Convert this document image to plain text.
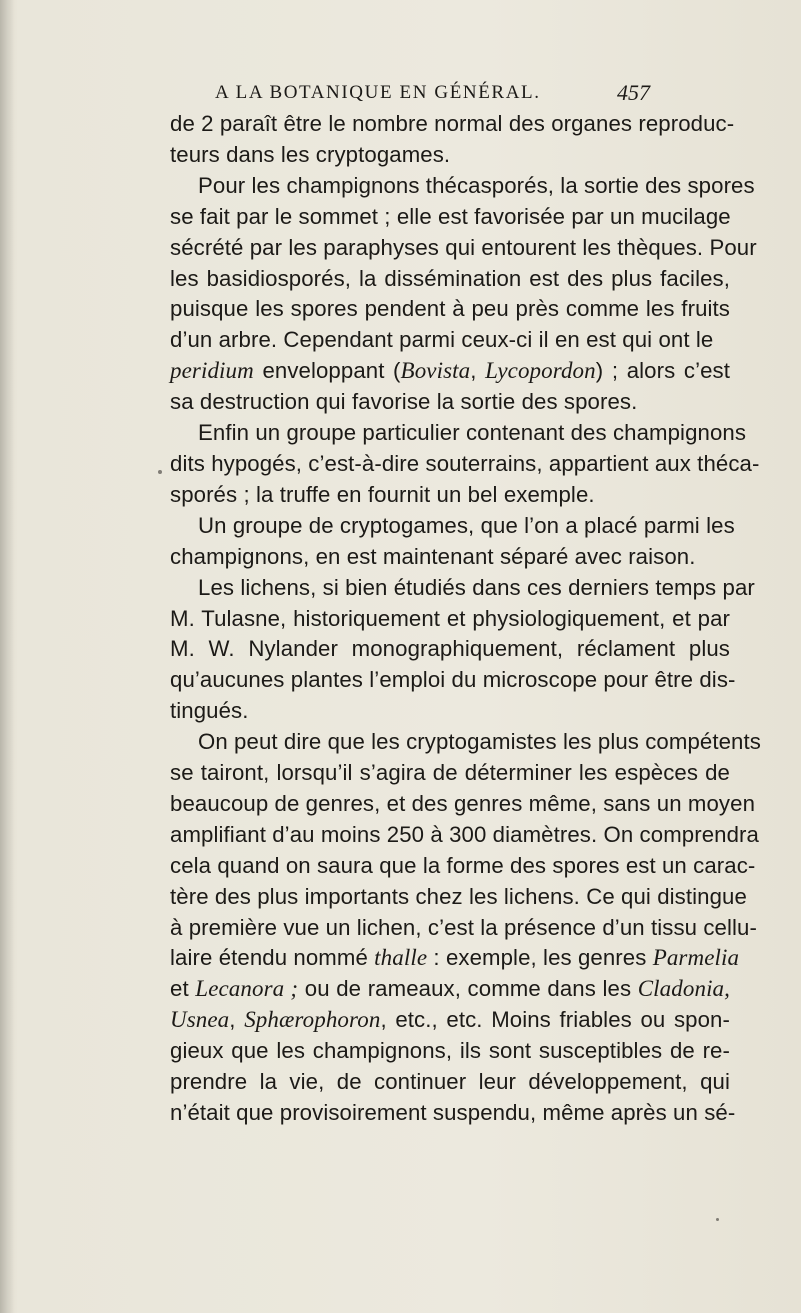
A LA BOTANIQUE EN GÉNÉRAL.	457

de 2 paraît être le nombre normal des organes reproduc-
teurs dans les cryptogames.

Pour les champignons thécasporés, la sortie des spores
se fait par le sommet ; elle est favorisée par un mucilage
sécrété par les paraphyses qui entourent les thèques. Pour
les basidiosporés, la dissémination est des plus faciles,
puisque les spores pendent à peu près comme les fruits
d’un arbre. Cependant parmi ceux-ci il en est qui ont le

peridium enveloppant (Bovista, Lycopordon) ; alors c’est
sa destruction qui favorise la sortie des spores.

Enfin un groupe particulier contenant des champignons
dits hypogés, c’est-à-dire souterrains, appartient aux théca-
sporés ; la truffe en fournit un bel exemple.

Un groupe de cryptogames, que l’on a placé parmi les
champignons, en est maintenant séparé avec raison.

Les lichens, si bien étudiés dans ces derniers temps par
M. Tulasne, historiquement et physiologiquement, et par
M. W. Nylander monographiquement, réclament plus
qu’aucunes plantes l’emploi du microscope pour être dis-
tingués.

On peut dire que les cryptogamistes les plus compétents
se tairont, lorsqu’il s’agira de déterminer les espèces de
beaucoup de genres, et des genres même, sans un moyen
amplifiant d’au moins 250 à 300 diamètres. On comprendra
cela quand on saura que la forme des spores est un carac-
tère des plus importants chez les lichens. Ce qui distingue
à première vue un lichen, c’est la présence d’un tissu cellu-
laire étendu nommé thalle : exemple, les genres Parmelia
et Lecanora ; ou de rameaux, comme dans les Cladonia,
Usnea, Sphærophoron, etc., etc. Moins friables ou spon-
gieux que les champignons, ils sont susceptibles de re-
prendre la vie, de continuer leur développement, qui
n’était que provisoirement suspendu, même après un sé-
